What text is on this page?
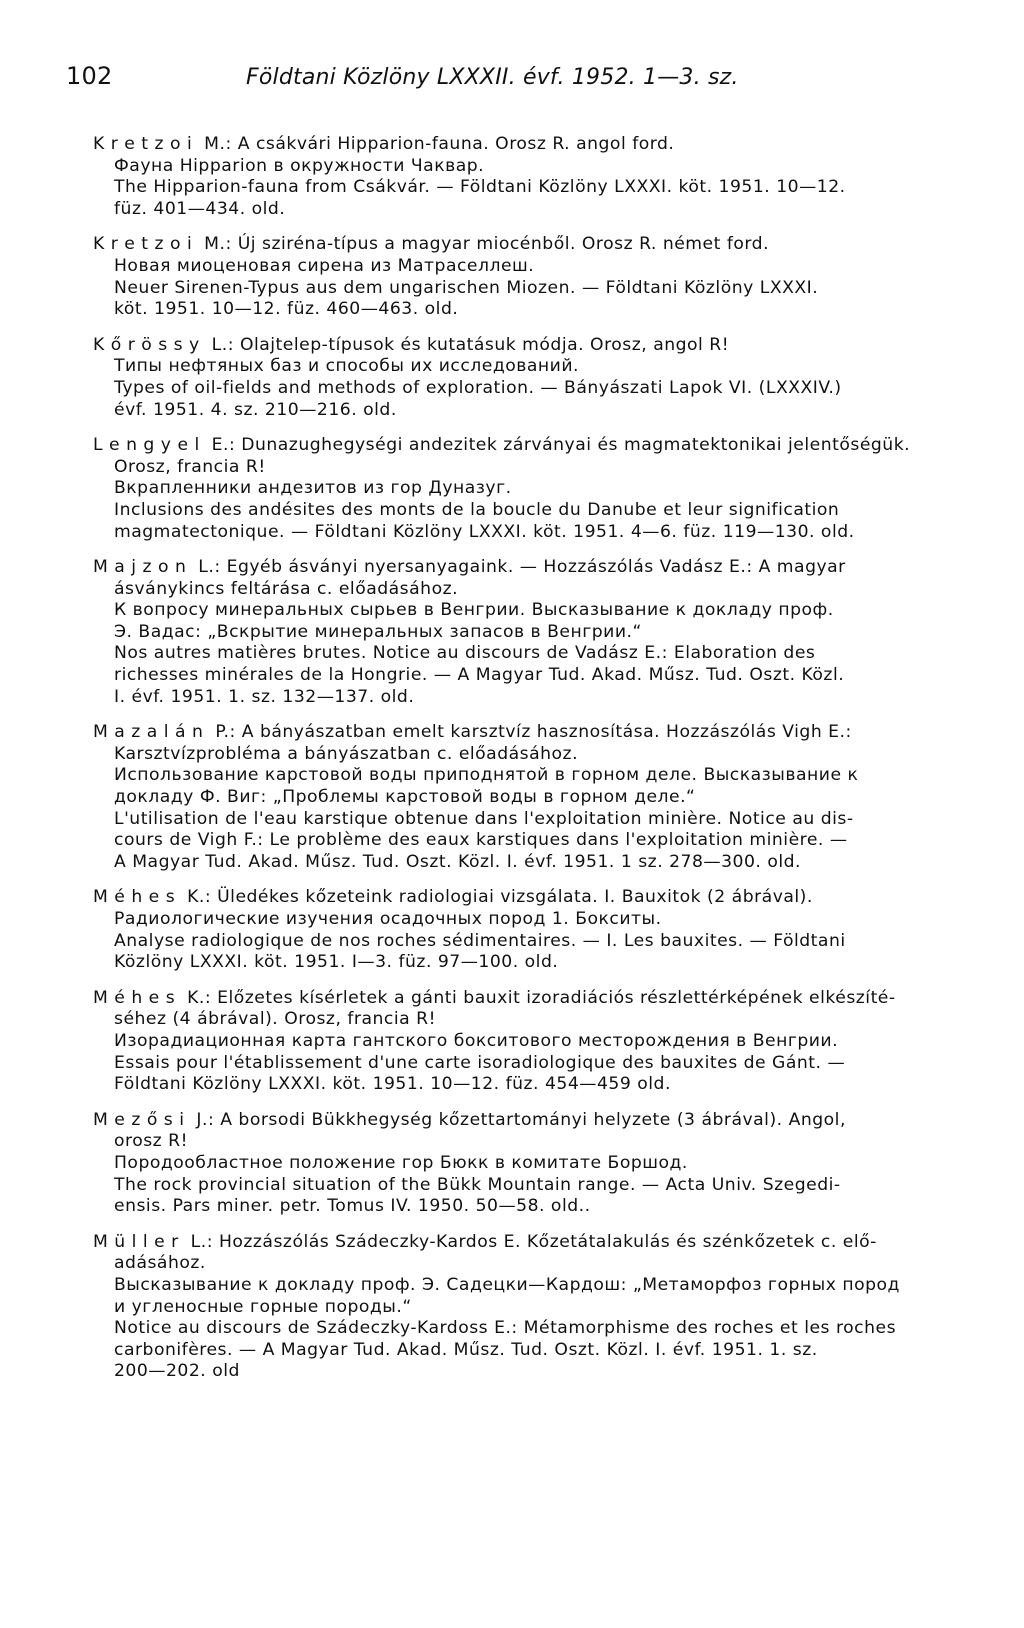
102	Földtani Közlöny LXXXII. évf. 1952. 1—3. sz.
K r e t z o i  M.: A csákvári Hipparion-fauna. Orosz R. angol ford.
Фауна Hipparion в окружности Чаквар.
The Hipparion-fauna from Csákvár. — Földtani Közlöny LXXXI. köt. 1951. 10—12.
füz. 401—434. old.
K r e t z o i  M.: Új sziréna-típus a magyar miocénből. Orosz R. német ford.
Новая миоценовая сирена из Матраселлеш.
Neuer Sirenen-Typus aus dem ungarischen Miozen. — Földtani Közlöny LXXXI.
köt. 1951. 10—12. füz. 460—463. old.
K ő r ö s s y  L.: Olajtelep-típusok és kutatásuk módja. Orosz, angol R!
Типы нефтяных баз и способы их исследований.
Types of oil-fields and methods of exploration. — Bányászati Lapok VI. (LXXXIV.)
évf. 1951. 4. sz. 210—216. old.
L e n g y e l  E.: Dunazughegységi andezitek zárványai és magmatektonikai jelentőségük.
Orosz, francia R!
Вкрапленники андезитов из гор Дуназуг.
Inclusions des andésites des monts de la boucle du Danube et leur signification
magmatectonique. — Földtani Közlöny LXXXI. köt. 1951. 4—6. füz. 119—130. old.
M a j z o n  L.: Egyéb ásványi nyersanyagaink. — Hozzászólás Vadász E.: A magyar
ásványkincs feltárása c. előadásához.
К вопросу минеральных сырьев в Венгрии. Высказывание к докладу проф.
Э. Вадас: „Вскрытие минеральных запасов в Венгрии.“
Nos autres matières brutes. Notice au discours de Vadász E.: Elaboration des
richesses minérales de la Hongrie. — A Magyar Tud. Akad. Műsz. Tud. Oszt. Közl.
I. évf. 1951. 1. sz. 132—137. old.
M a z a l á n  P.: A bányászatban emelt karsztvíz hasznosítása. Hozzászólás Vigh E.:
Karsztvízprobléma a bányászatban c. előadásához.
Использование карстовой воды приподнятой в горном деле. Высказывание к
докладу Ф. Виг: „Проблемы карстовой воды в горном деле.“
L'utilisation de l'eau karstique obtenue dans l'exploitation minière. Notice au dis-
cours de Vigh F.: Le problème des eaux karstiques dans l'exploitation minière. —
A Magyar Tud. Akad. Műsz. Tud. Oszt. Közl. I. évf. 1951. 1 sz. 278—300. old.
M é h e s  K.: Üledékes kőzeteink radiologiai vizsgálata. I. Bauxitok (2 ábrával).
Радиологические изучения осадочных пород 1. Бокситы.
Analyse radiologique de nos roches sédimentaires. — I. Les bauxites. — Földtani
Közlöny LXXXI. köt. 1951. I—3. füz. 97—100. old.
M é h e s  K.: Előzetes kísérletek a gánti bauxit izoradiációs részlettérképének elkészíté-
séhez (4 ábrával). Orosz, francia R!
Изорадиационная карта гантского бокситового месторождения в Венгрии.
Essais pour l'établissement d'une carte isoradiologique des bauxites de Gánt. —
Földtani Közlöny LXXXI. köt. 1951. 10—12. füz. 454—459 old.
M e z ő s i  J.: A borsodi Bükkhegység kőzettartományi helyzete (3 ábrával). Angol,
orosz R!
Породообластное положение гор Бюкк в комитате Боршод.
The rock provincial situation of the Bükk Mountain range. — Acta Univ. Szegedi-
ensis. Pars miner. petr. Tomus IV. 1950. 50—58. old..
M ü l l e r  L.: Hozzászólás Szádeczky-Kardos E. Kőzetátalakulás és szénkőzetek c. elő-
adásához.
Высказывание к докладу проф. Э. Садецки—Кардош: „Метаморфоз горных пород
и угленосные горные породы.“
Notice au discours de Szádeczky-Kardoss E.: Métamorphisme des roches et les roches
carbonifères. — A Magyar Tud. Akad. Műsz. Tud. Oszt. Közl. I. évf. 1951. 1. sz.
200—202. old
